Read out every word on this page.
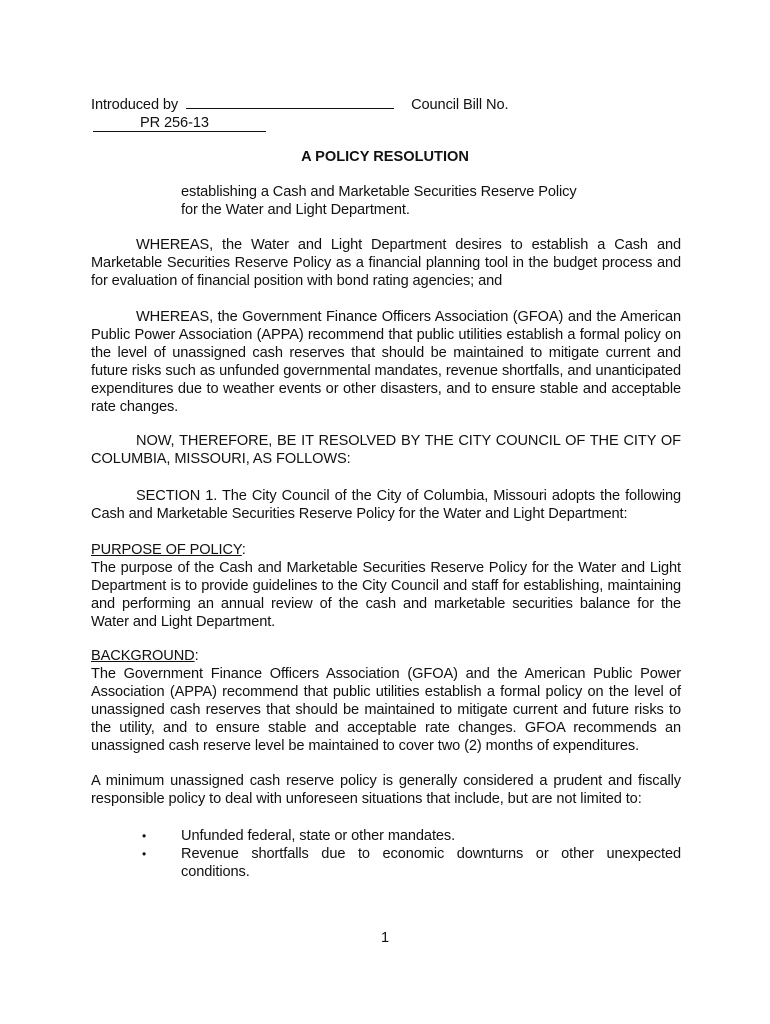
Introduced by	Council Bill No.
PR 256-13
A POLICY RESOLUTION
establishing a Cash and Marketable Securities Reserve Policy
for the Water and Light Department.

WHEREAS, the Water and Light Department desires to establish a Cash and Marketable Securities Reserve Policy as a financial planning tool in the budget process and for evaluation of financial position with bond rating agencies; and

WHEREAS, the Government Finance Officers Association (GFOA) and the American Public Power Association (APPA) recommend that public utilities establish a formal policy on the level of unassigned cash reserves that should be maintained to mitigate current and future risks such as unfunded governmental mandates, revenue shortfalls, and unanticipated expenditures due to weather events or other disasters, and to ensure stable and acceptable rate changes.

NOW, THEREFORE, BE IT RESOLVED BY THE CITY COUNCIL OF THE CITY OF COLUMBIA, MISSOURI, AS FOLLOWS:

SECTION 1. The City Council of the City of Columbia, Missouri adopts the following Cash and Marketable Securities Reserve Policy for the Water and Light Department:

PURPOSE OF POLICY:
The purpose of the Cash and Marketable Securities Reserve Policy for the Water and Light Department is to provide guidelines to the City Council and staff for establishing, maintaining and performing an annual review of the cash and marketable securities balance for the Water and Light Department.
BACKGROUND:
The Government Finance Officers Association (GFOA) and the American Public Power Association (APPA) recommend that public utilities establish a formal policy on the level of unassigned cash reserves that should be maintained to mitigate current and future risks to the utility, and to ensure stable and acceptable rate changes. GFOA recommends an unassigned cash reserve level be maintained to cover two (2) months of expenditures.

A minimum unassigned cash reserve policy is generally considered a prudent and fiscally responsible policy to deal with unforeseen situations that include, but are not limited to:

• Unfunded federal, state or other mandates.
• Revenue shortfalls due to economic downturns or other unexpected conditions.
1
